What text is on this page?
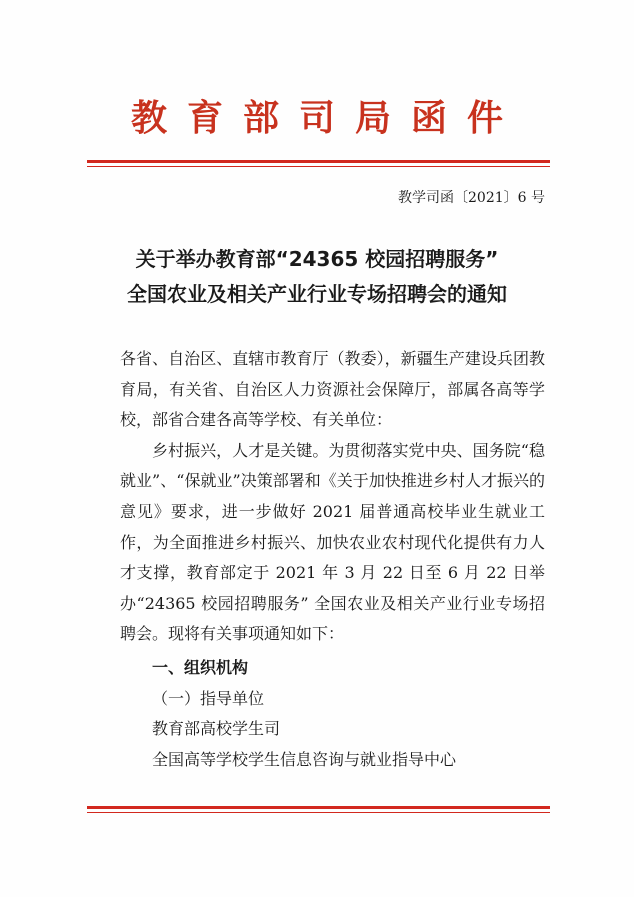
教育部司局函件
教学司函〔2021〕6 号
关于举办教育部“24365 校园招聘服务”
全国农业及相关产业行业专场招聘会的通知

各省、自治区、直辖市教育厅（教委），新疆生产建设兵团教育局，有关省、自治区人力资源社会保障厅，部属各高等学校，部省合建各高等学校、有关单位：

乡村振兴，人才是关键。为贯彻落实党中央、国务院“稳就业”、“保就业”决策部署和《关于加快推进乡村人才振兴的意见》要求，进一步做好 2021 届普通高校毕业生就业工作，为全面推进乡村振兴、加快农业农村现代化提供有力人才支撑，教育部定于 2021 年 3 月 22 日至 6 月 22 日举办“24365 校园招聘服务” 全国农业及相关产业行业专场招聘会。现将有关事项通知如下：

一、组织机构

（一）指导单位

教育部高校学生司

全国高等学校学生信息咨询与就业指导中心
